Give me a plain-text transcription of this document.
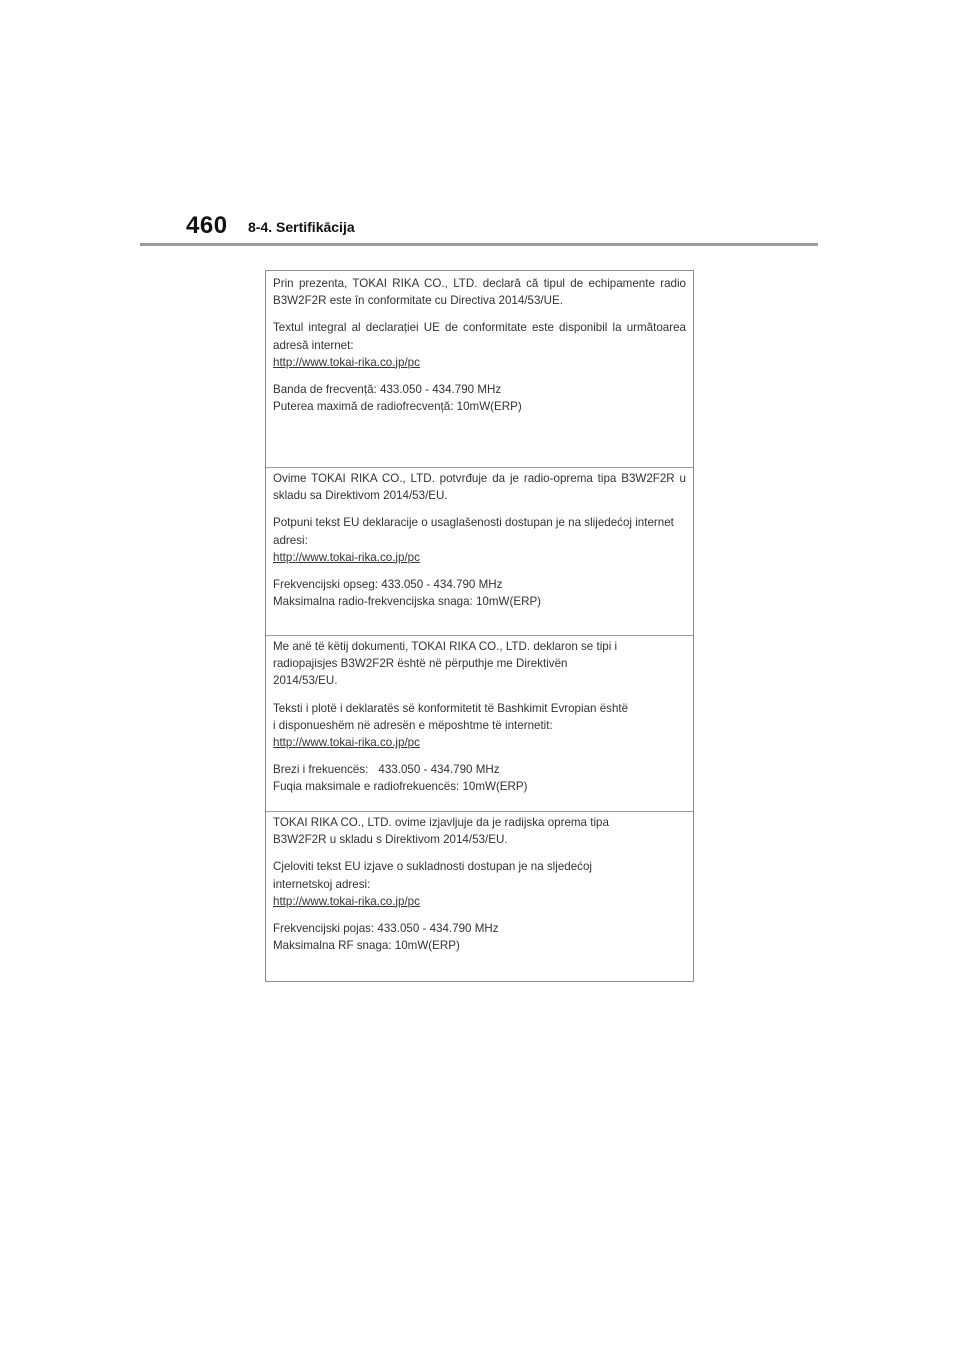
460 8-4. Sertifikācija

Prin prezenta, TOKAI RIKA CO., LTD. declară că tipul de echipamente radio B3W2F2R este în conformitate cu Directiva 2014/53/UE.

Textul integral al declarației UE de conformitate este disponibil la următoarea adresă internet:
http://www.tokai-rika.co.jp/pc

Banda de frecvență: 433.050 - 434.790 MHz
Puterea maximă de radiofrecvență: 10mW(ERP)

Ovime TOKAI RIKA CO., LTD. potvrđuje da je radio-oprema tipa B3W2F2R u skladu sa Direktivom 2014/53/EU.

Potpuni tekst EU deklaracije o usaglašenosti dostupan je na slijedećoj internet adresi:
http://www.tokai-rika.co.jp/pc

Frekvencijski opseg: 433.050 - 434.790 MHz
Maksimalna radio-frekvencijska snaga: 10mW(ERP)

Me anë të këtij dokumenti, TOKAI RIKA CO., LTD. deklaron se tipi i
radiopajisjes B3W2F2R është në përputhje me Direktivën
2014/53/EU.

Teksti i plotë i deklaratës së konformitetit të Bashkimit Evropian është
i disponueshëm në adresën e mëposhtme të internetit:
http://www.tokai-rika.co.jp/pc

Brezi i frekuencës: 433.050 - 434.790 MHz
Fuqia maksimale e radiofrekuencës: 10mW(ERP)

TOKAI RIKA CO., LTD. ovime izjavljuje da je radijska oprema tipa
B3W2F2R u skladu s Direktivom 2014/53/EU.

Cjeloviti tekst EU izjave o sukladnosti dostupan je na sljedećoj
internetskoj adresi:
http://www.tokai-rika.co.jp/pc

Frekvencijski pojas: 433.050 - 434.790 MHz
Maksimalna RF snaga: 10mW(ERP)
